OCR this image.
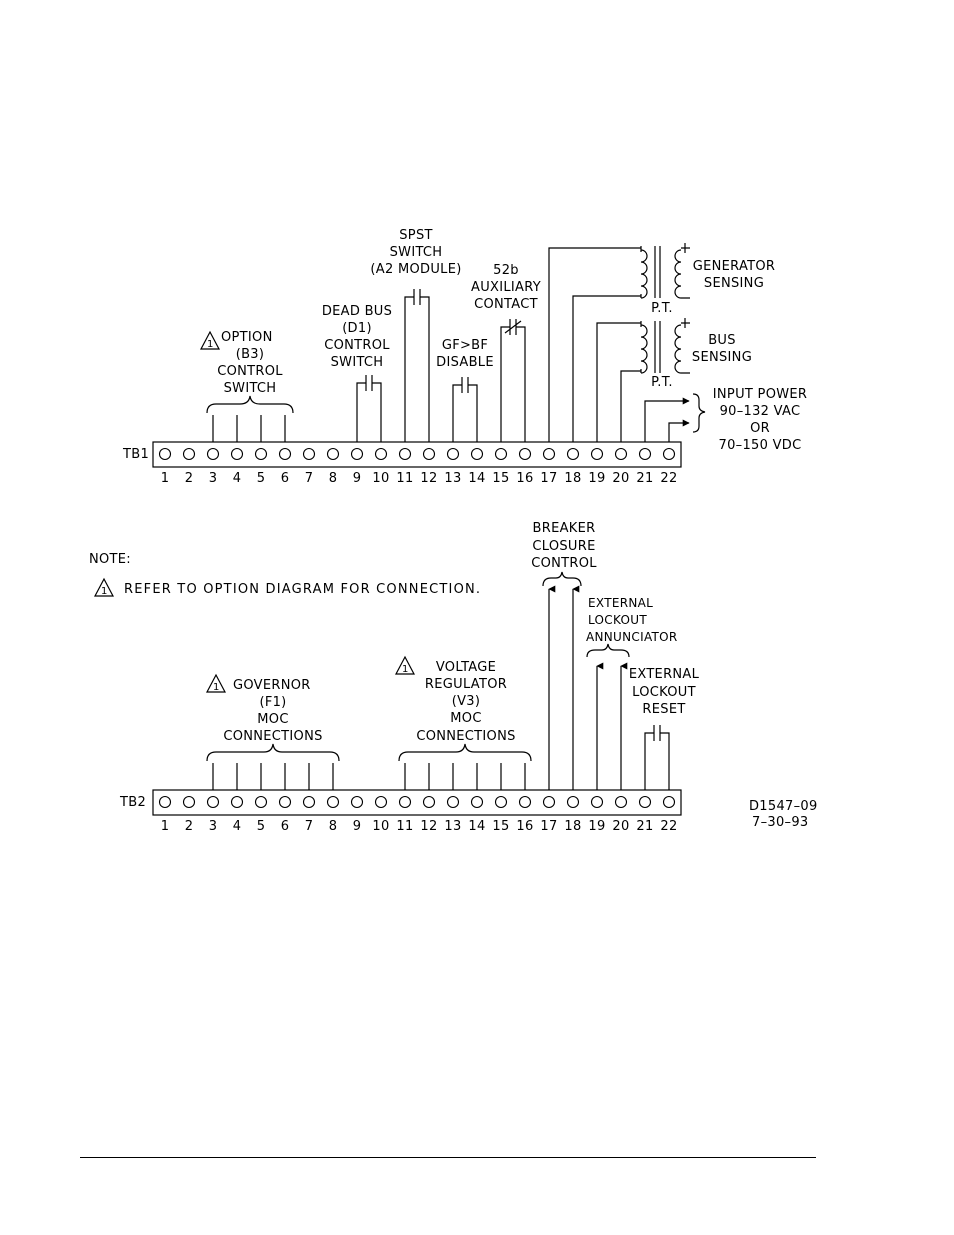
TB1
1 2 3 4 5 6 7 8 9 10 11 12 13 14 15 16 17 18 19 20 21 22
1 OPTION
(B3)
CONTROL
SWITCH
DEAD BUS
(D1)
CONTROL
SWITCH
SPST
SWITCH
(A2 MODULE)
GF>BF
DISABLE
52b
AUXILIARY
CONTACT
GENERATOR
SENSING
P.T.
BUS
SENSING
P.T.
INPUT POWER
90–132 VAC
OR
70–150 VDC
NOTE:
1 REFER TO OPTION DIAGRAM FOR CONNECTION.
TB2
1 2 3 4 5 6 7 8 9 10 11 12 13 14 15 16 17 18 19 20 21 22
1 GOVERNOR
(F1)
MOC
CONNECTIONS
1 VOLTAGE
REGULATOR
(V3)
MOC
CONNECTIONS
BREAKER
CLOSURE
CONTROL
EXTERNAL
LOCKOUT
ANNUNCIATOR
EXTERNAL
LOCKOUT
RESET
D1547–09
7–30–93
